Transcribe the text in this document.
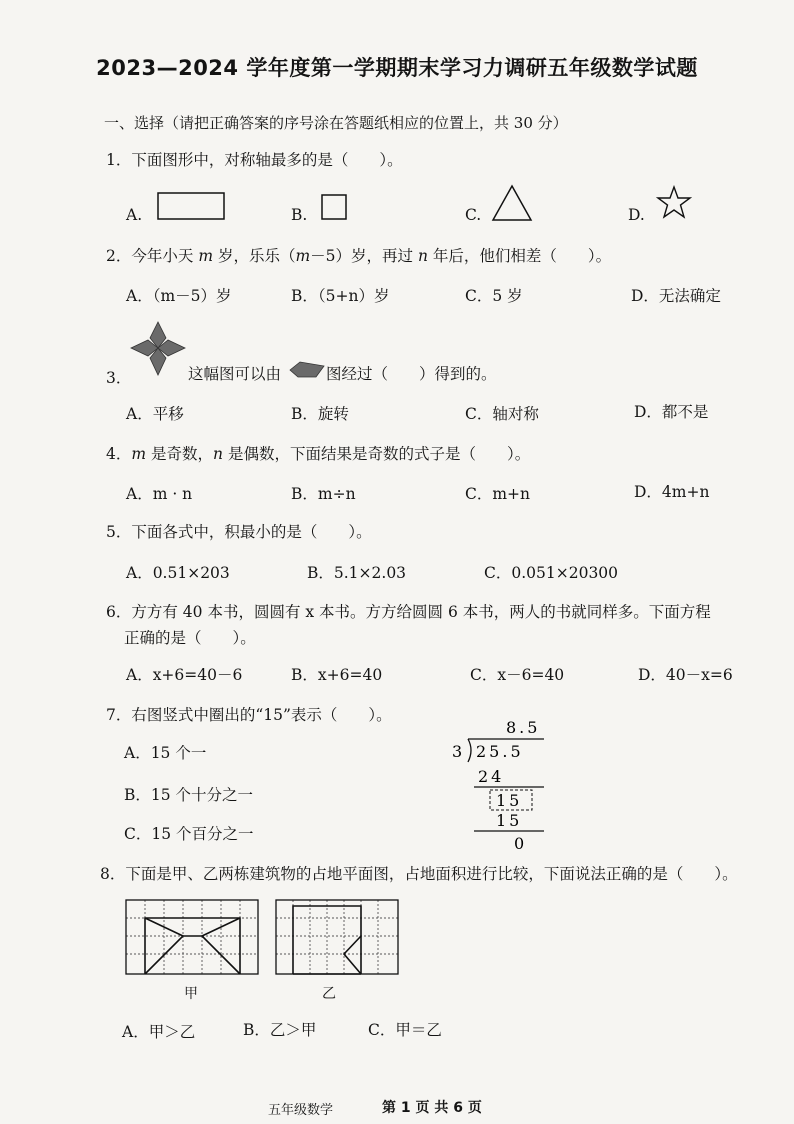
2023—2024 学年度第一学期期末学习力调研五年级数学试题
一、选择（请把正确答案的序号涂在答题纸相应的位置上，共 30 分）
1．下面图形中，对称轴最多的是（　　）。
A.	B.	C.	D.
2．今年小天 m 岁，乐乐（m－5）岁，再过 n 年后，他们相差（　　）。
A．（m－5）岁	B．（5+n）岁	C．5 岁	D．无法确定
3．	这幅图可以由	图经过（　　）得到的。
A．平移	B．旋转	C．轴对称	D．都不是
4．m 是奇数，n 是偶数，下面结果是奇数的式子是（　　）。
A．m · n	B．m÷n	C．m+n	D．4m+n
5．下面各式中，积最小的是（　　）。
A．0.51×203	B．5.1×2.03	C．0.051×20300
6．方方有 40 本书，圆圆有 x 本书。方方给圆圆 6 本书，两人的书就同样多。下面方程
正确的是（　　）。
A．x+6=40－6	B．x+6=40	C．x－6=40	D．40－x=6
7．右图竖式中圈出的“15”表示（　　）。
A．15 个一
B．15 个十分之一
C．15 个百分之一
8.5
3 25.5
24
15
15
0
8．下面是甲、乙两栋建筑物的占地平面图，占地面积进行比较，下面说法正确的是（　　）。
甲	乙
A．甲＞乙	B．乙＞甲	C．甲＝乙
五年级数学	第 1 页 共 6 页
